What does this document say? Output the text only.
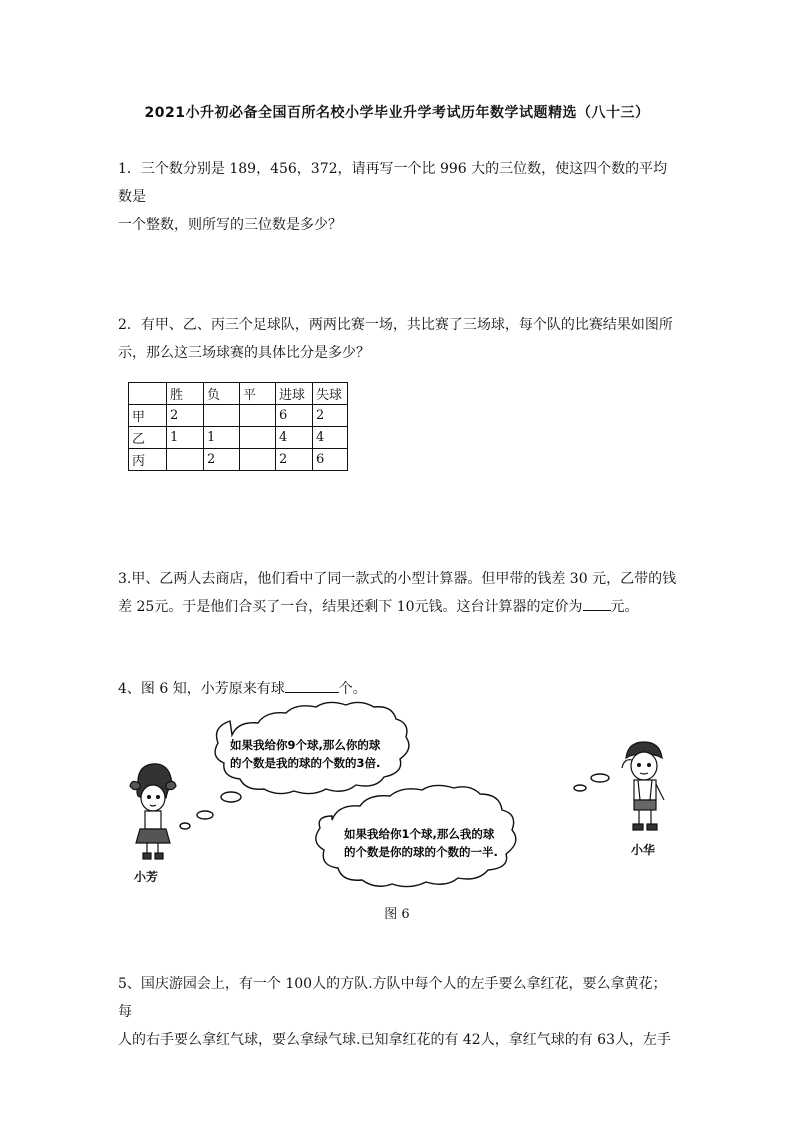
2021小升初必备全国百所名校小学毕业升学考试历年数学试题精选（八十三）

1．三个数分别是 189，456，372，请再写一个比 996 大的三位数，使这四个数的平均数是
一个整数，则所写的三位数是多少？

2．有甲、乙、丙三个足球队，两两比赛一场，共比赛了三场球，每个队的比赛结果如图所
示，那么这三场球赛的具体比分是多少？

	胜	负	平	进球	失球
甲	2			6	2
乙	1	1		4	4
丙		2		2	6

3.甲、乙两人去商店，他们看中了同一款式的小型计算器。但甲带的钱差 30 元，乙带的钱
差 25元。于是他们合买了一台，结果还剩下 10元钱。这台计算器的定价为 元。

4、图 6 知，小芳原来有球	个。

如果我给你9个球,那么你的球
的个数是我的球的个数的3倍.
如果我给你1个球,那么我的球
的个数是你的球的个数的一半.
小芳
小华
图 6

5、国庆游园会上，有一个 100人的方队.方队中每个人的左手要么拿红花，要么拿黄花；每
人的右手要么拿红气球，要么拿绿气球.已知拿红花的有 42人，拿红气球的有 63人，左手
